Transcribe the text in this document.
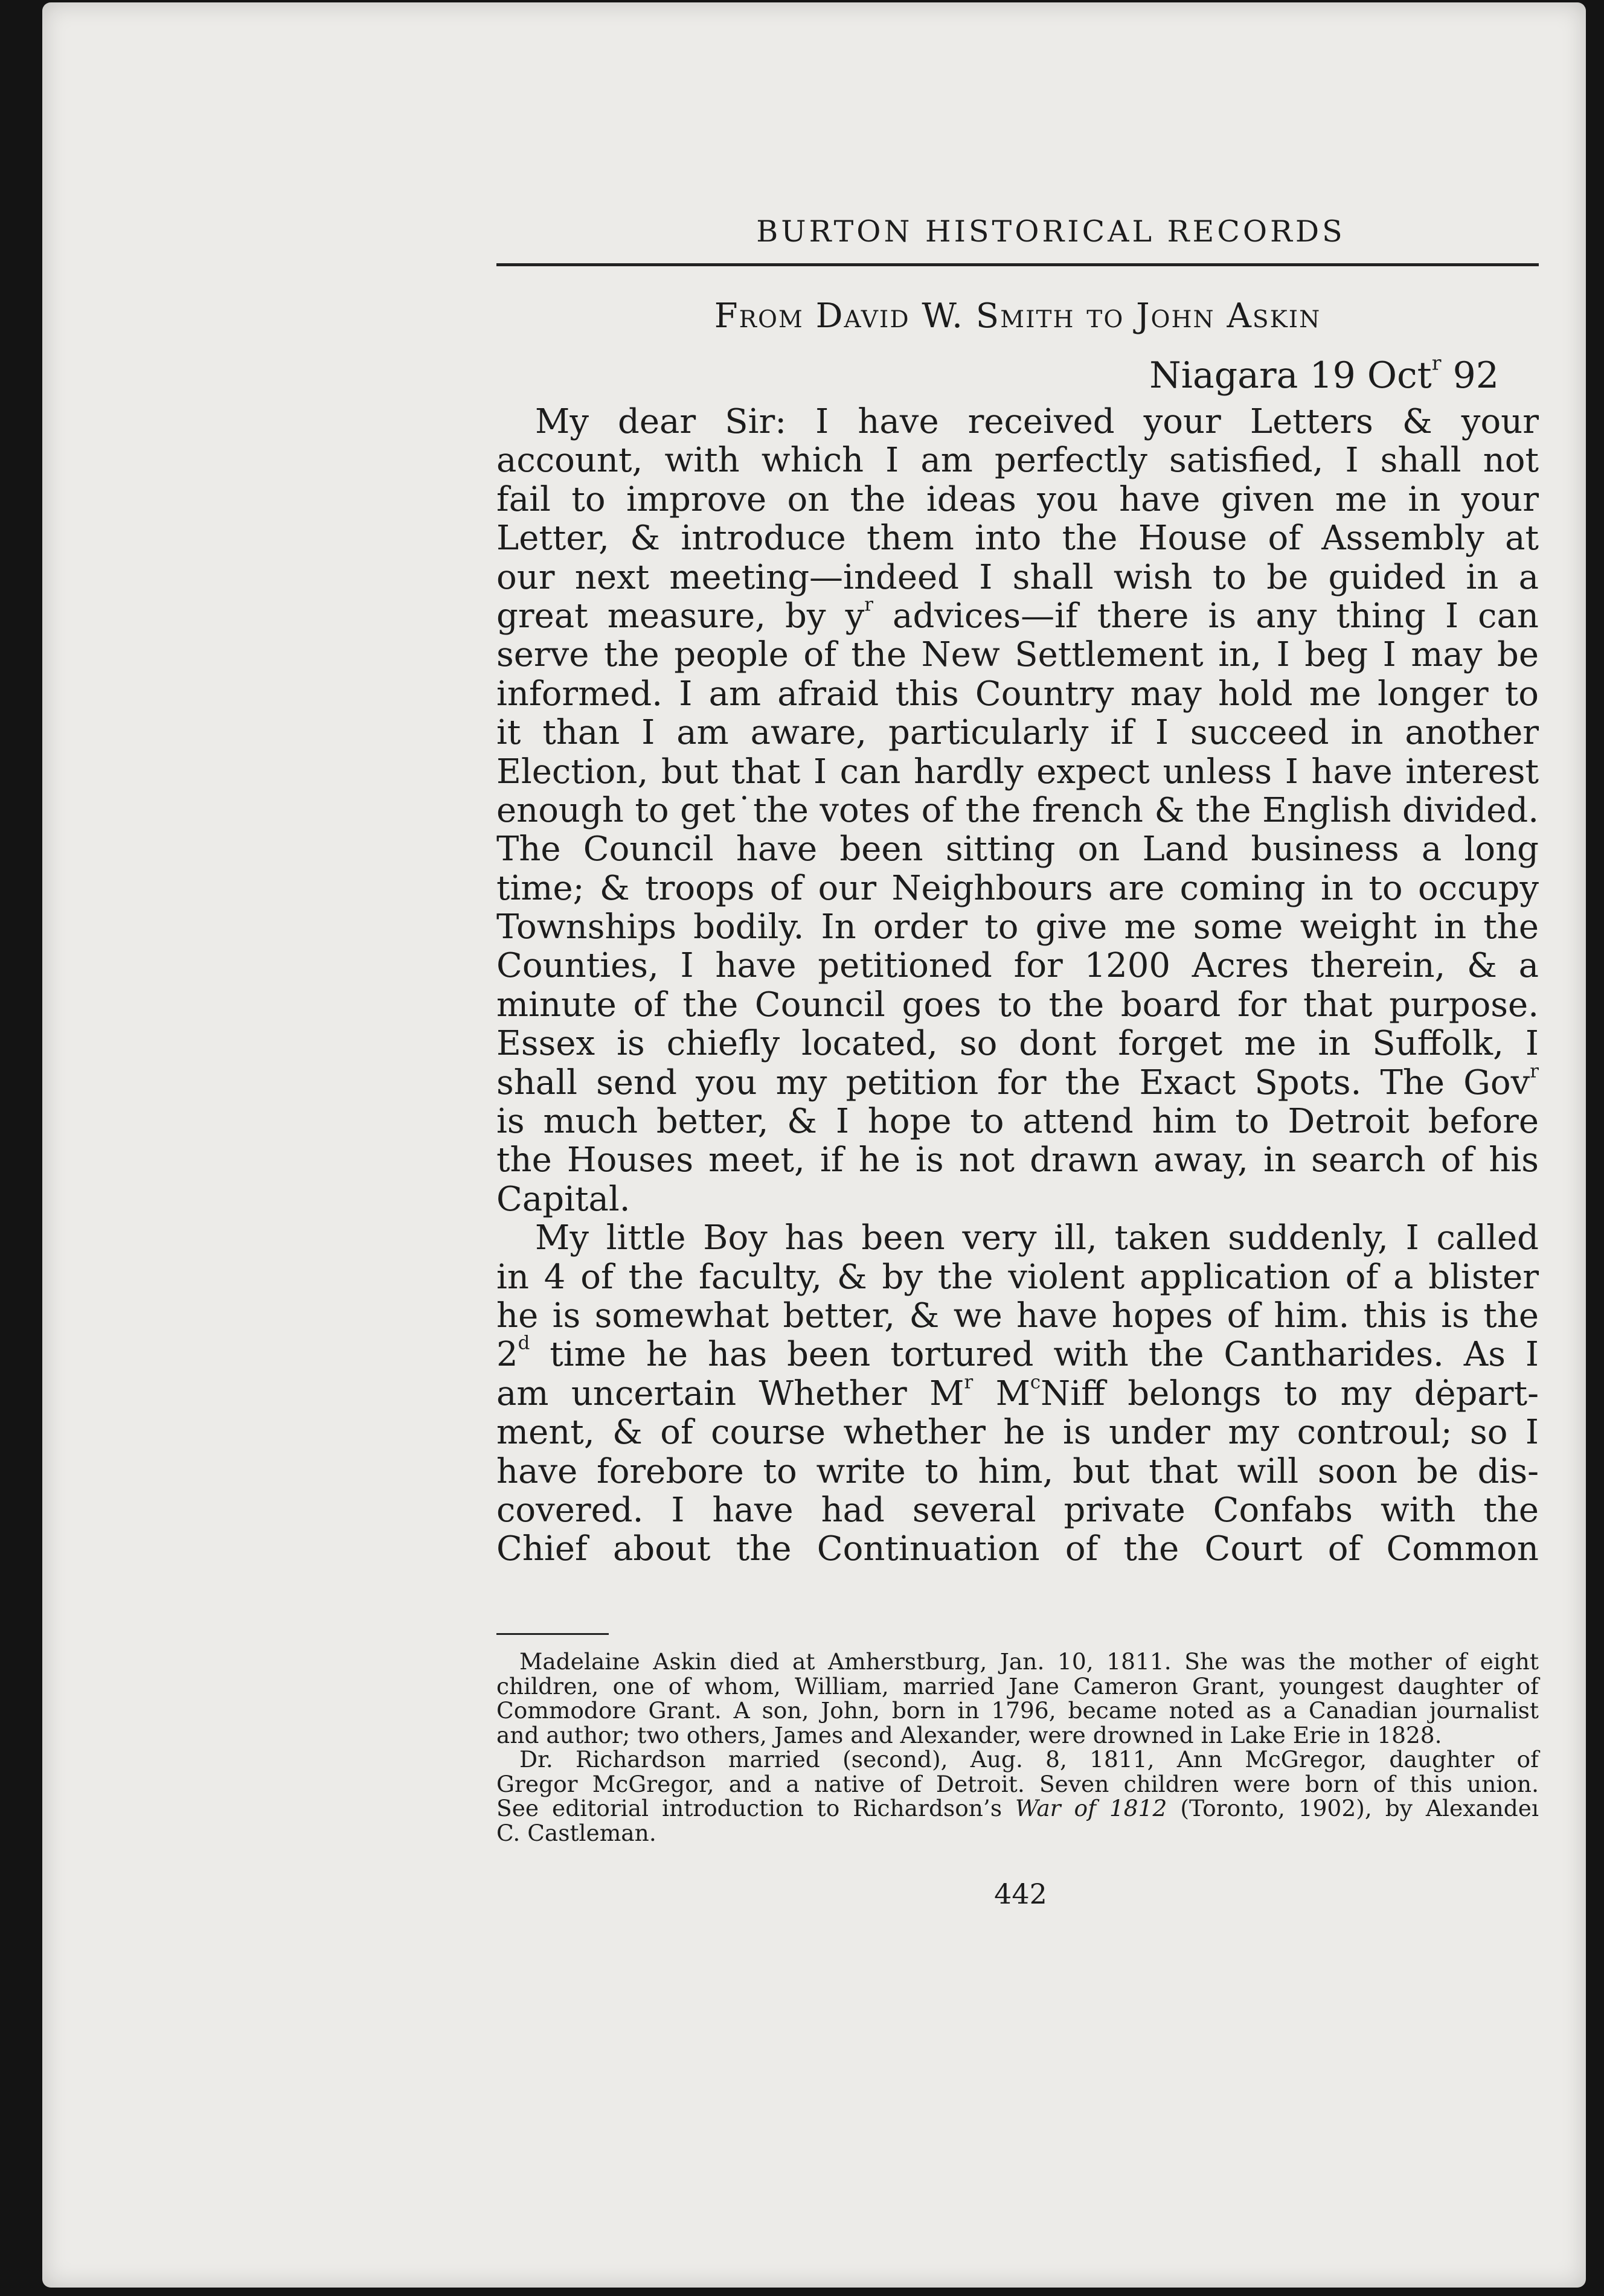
BURTON HISTORICAL RECORDS
From David W. Smith to John Askin
Niagara 19 Oct$^r$ 92
My dear Sir: I have received your Letters & your
account, with which I am perfectly satisfied, I shall not
fail to improve on the ideas you have given me in your
Letter, & introduce them into the House of Assembly at
our next meeting—indeed I shall wish to be guided in a
great measure, by $y^r$ advices—if there is any thing I can
serve the people of the New Settlement in, I beg I may be
informed. I am afraid this Country may hold me longer to
it than I am aware, particularly if I succeed in another
Election, but that I can hardly expect unless I have interest
enough to get˙the votes of the french & the English divided.
The Council have been sitting on Land business a long
time; & troops of our Neighbours are coming in to occupy
Townships bodily. In order to give me some weight in the
Counties, I have petitioned for 1200 Acres therein, & a
minute of the Council goes to the board for that purpose.
Essex is chiefly located, so dont forget me in Suffolk, I
shall send you my petition for the Exact Spots. The Gov$^r$
is much better, & I hope to attend him to Detroit before
the Houses meet, if he is not drawn away, in search of his
Capital.
My little Boy has been very ill, taken suddenly, I called
in 4 of the faculty, & by the violent application of a blister
he is somewhat better, & we have hopes of him. this is the
2$^d$ time he has been tortured with the Cantharides. As I
am uncertain Whether $M^r$ $M^cNiff$ belongs to my dėpart-
ment, & of course whether he is under my controul; so I
have forebore to write to him, but that will soon be dis-
covered. I have had several private Confabs with the
Chief about the Continuation of the Court of Common
Madelaine Askin died at Amherstburg, Jan. 10, 1811. She was the mother of eight
children, one of whom, William, married Jane Cameron Grant, youngest daughter of
Commodore Grant. A son, John, born in 1796, became noted as a Canadian journalist
and author; two others, James and Alexander, were drowned in Lake Erie in 1828.
Dr. Richardson married (second), Aug. 8, 1811, Ann McGregor, daughter of
Gregor McGregor, and a native of Detroit. Seven children were born of this union.
See editorial introduction to Richardson’s War of 1812 (Toronto, 1902), by Alexandeı
C. Castleman.
442
